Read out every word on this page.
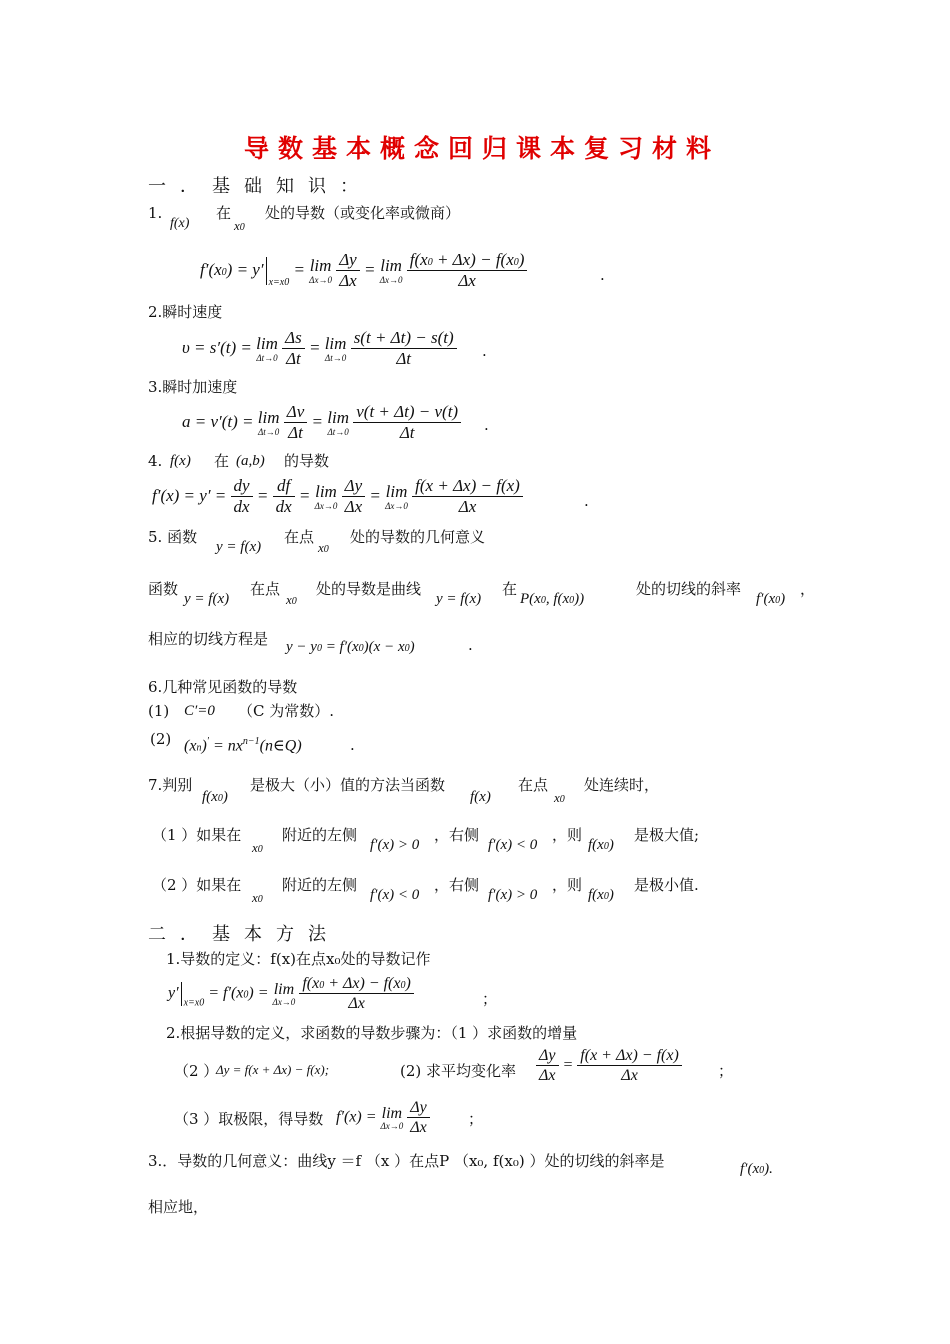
导数基本概念回归课本复习材料
一．基础知识：
1.
f(x)
在
x0
处的导数（或变化率或微商）
$f'(x0) = y'_{x=x0} = \lim$
Δx→0
$\frac{\Delta y}{\Delta x} = \lim$
Δx→0
$\frac{f(x0 + \Delta x) - f(x0)}{\Delta x}$	.
2.瞬时速度
υ = s′(t) = lim
Δt→0
$\frac{\Delta s}{\Delta t} = \lim$
Δt→0
$\frac{s(t + \Delta t) - s(t)}{\Delta t}$ .
3.瞬时加速度
a = v′(t) = lim
Δt→0
$\frac{\Delta v}{\Delta t} = \lim$
Δt→0
$\frac{v(t + \Delta t) - v(t)}{\Delta t}$ .
4. f(x) 在 (a,b) 的导数
$f'(x) = y' = \frac{dy}{dx} = \frac{df}{dx} = \lim$
Δx→0
$\frac{\Delta y}{\Delta x} = \lim$
Δx→0
$\frac{f(x + \Delta x) - f(x)}{\Delta x}$	.
5. 函数
y = f(x)
在点
x0
处的导数的几何意义
函数
y = f(x)
在点
x0
处的导数是曲线
y = f(x)
在
P(x0, f(x0))
处的切线的斜率
f′(x0)
，
相应的切线方程是 y − y0 = f′(x0)(x − x0)	.
6.几种常见函数的导数
(1) C′=0 （C 为常数）.
(2) $(xn)' = nx^{n-1}(n\in Q)$	.
7.判别
f(x0)
是极大（小）值的方法当函数
f(x)
在点
x0
处连续时，
（1 ）如果在
x0
附近的左侧
f′(x) > 0
，右侧
f′(x) < 0
，则
f(x0)
是极大值;
（2 ）如果在
x0
附近的左侧
f′(x) < 0
，右侧
f′(x) > 0
，则
f(x0)
是极小值.
二．基本方法
1.导数的定义：f(x)在点x₀处的导数记作
$y'_{x=x0} = f'(x0) = \lim$
Δx→0
$\frac{f(x0 + \Delta x) - f(x0)}{\Delta x}$	；
2.根据导数的定义，求函数的导数步骤为：（1 ）求函数的增量
（2 ）
Δy = f(x + Δx) − f(x);	(2) 求平均变化率 $\frac{\Delta y}{\Delta x} = \frac{f(x + \Delta x) - f(x)}{\Delta x}$ ；
（3 ）取极限，得导数 f′(x) = lim
Δx→0
$\frac{\Delta y}{\Delta x}$	；
3.．导数的几何意义：曲线y ＝f （x ）在点P （x₀, f(x₀) ）处的切线的斜率是	f′(x0).
相应地，
